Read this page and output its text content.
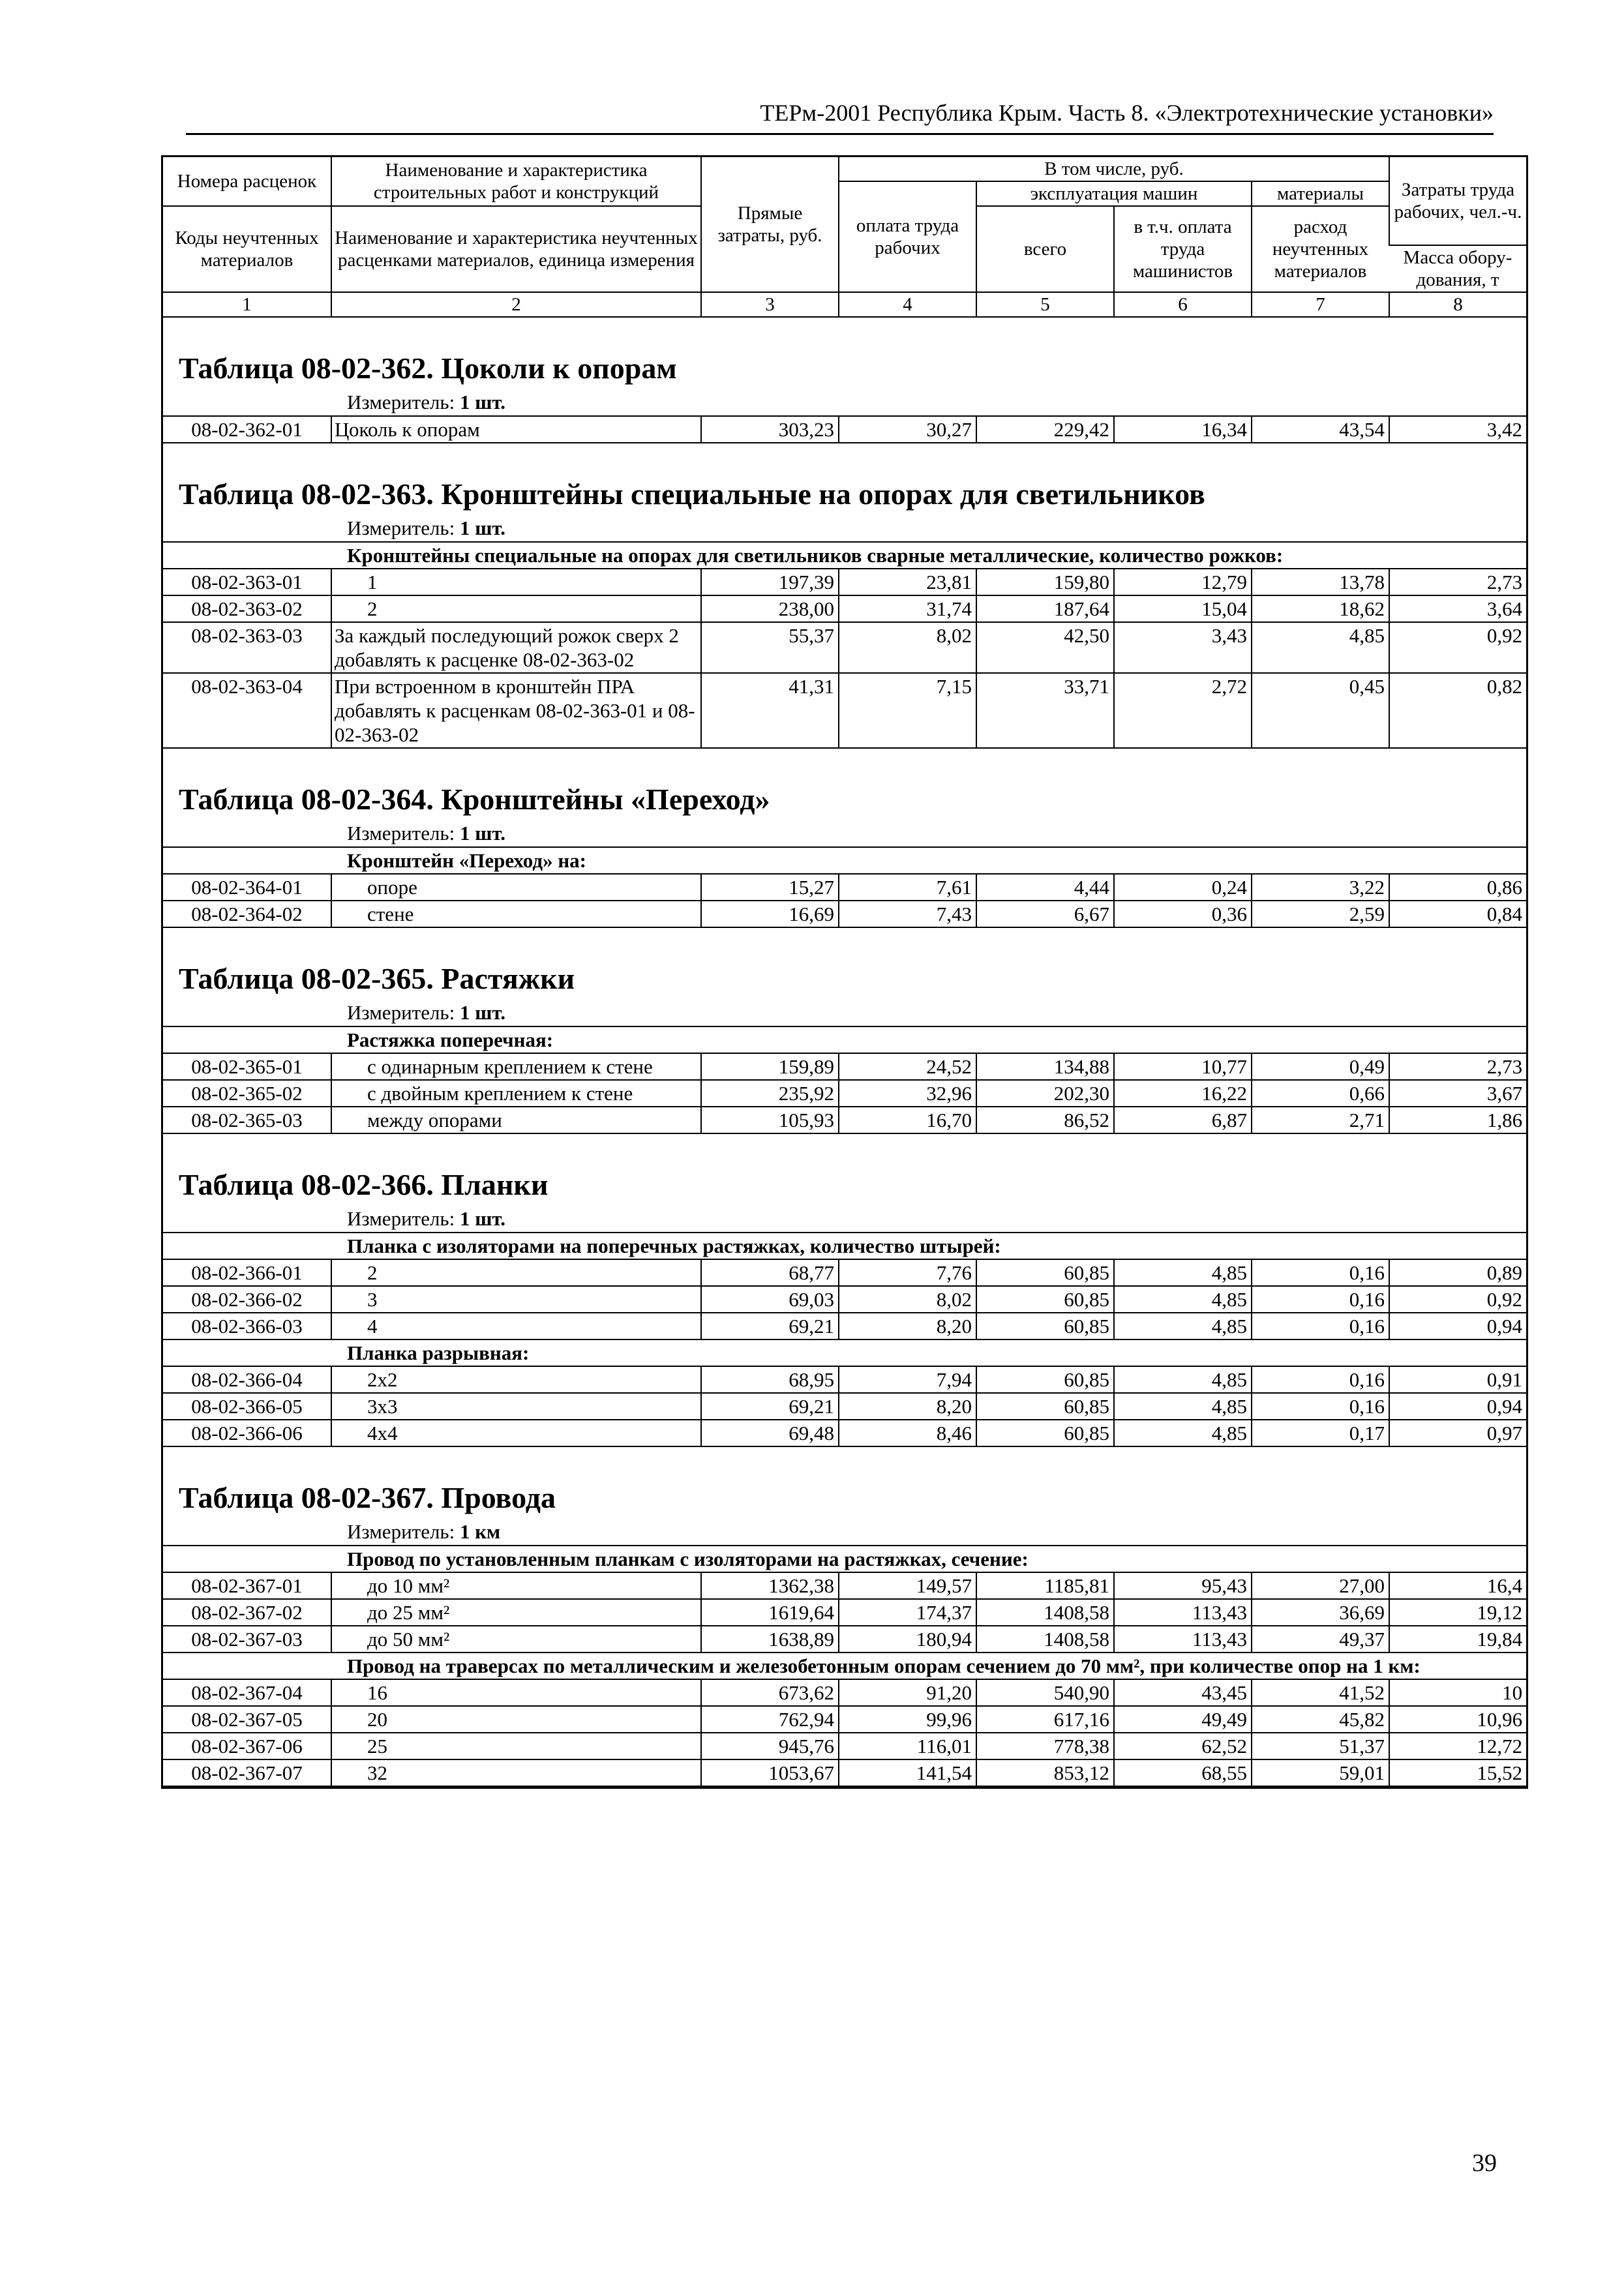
ТЕРм-2001 Республика Крым. Часть 8. «Электротехнические установки»
Номера расценок	Наименование и характеристика строительных работ и конструкций	Прямые затраты, руб.	В том числе, руб.				Затраты труда рабочих, чел.-ч.
			оплата труда рабочих	эксплуатация машин		материалы	
Коды неучтенных материалов	Наименование и характеристика неучтенных расценками материалов, единица измерения			всего	в т.ч. оплата труда машинистов	расход неучтенных материалов	
							Масса обору-дования, т
1	2	3	4	5	6	7	8
Таблица 08-02-362. Цоколи к опорам
Измеритель: 1 шт.
08-02-362-01	Цоколь к опорам	303,23	30,27	229,42	16,34	43,54	3,42
Таблица 08-02-363. Кронштейны специальные на опорах для светильников
Измеритель: 1 шт.
Кронштейны специальные на опорах для светильников сварные металлические, количество рожков:							
08-02-363-01	1	197,39	23,81	159,80	12,79	13,78	2,73
08-02-363-02	2	238,00	31,74	187,64	15,04	18,62	3,64
08-02-363-03	За каждый последующий рожок сверх 2 добавлять к расценке 08-02-363-02	55,37	8,02	42,50	3,43	4,85	0,92
08-02-363-04	При встроенном в кронштейн ПРА добавлять к расценкам 08-02-363-01 и 08-02-363-02	41,31	7,15	33,71	2,72	0,45	0,82
Таблица 08-02-364. Кронштейны «Переход»
Измеритель: 1 шт.
Кронштейн «Переход» на:							
08-02-364-01	опоре	15,27	7,61	4,44	0,24	3,22	0,86
08-02-364-02	стене	16,69	7,43	6,67	0,36	2,59	0,84
Таблица 08-02-365. Растяжки
Измеритель: 1 шт.
Растяжка поперечная:							
08-02-365-01	с одинарным креплением к стене	159,89	24,52	134,88	10,77	0,49	2,73
08-02-365-02	с двойным креплением к стене	235,92	32,96	202,30	16,22	0,66	3,67
08-02-365-03	между опорами	105,93	16,70	86,52	6,87	2,71	1,86
Таблица 08-02-366. Планки
Измеритель: 1 шт.
Планка с изоляторами на поперечных растяжках, количество штырей:							
08-02-366-01	2	68,77	7,76	60,85	4,85	0,16	0,89
08-02-366-02	3	69,03	8,02	60,85	4,85	0,16	0,92
08-02-366-03	4	69,21	8,20	60,85	4,85	0,16	0,94
Планка разрывная:							
08-02-366-04	2x2	68,95	7,94	60,85	4,85	0,16	0,91
08-02-366-05	3x3	69,21	8,20	60,85	4,85	0,16	0,94
08-02-366-06	4x4	69,48	8,46	60,85	4,85	0,17	0,97
Таблица 08-02-367. Провода
Измеритель: 1 км
Провод по установленным планкам с изоляторами на растяжках, сечение:							
08-02-367-01	до 10 мм²	1362,38	149,57	1185,81	95,43	27,00	16,4
08-02-367-02	до 25 мм²	1619,64	174,37	1408,58	113,43	36,69	19,12
08-02-367-03	до 50 мм²	1638,89	180,94	1408,58	113,43	49,37	19,84
Провод на траверсах по металлическим и железобетонным опорам сечением до 70 мм², при количестве опор на 1 км:							
08-02-367-04	16	673,62	91,20	540,90	43,45	41,52	10
08-02-367-05	20	762,94	99,96	617,16	49,49	45,82	10,96
08-02-367-06	25	945,76	116,01	778,38	62,52	51,37	12,72
08-02-367-07	32	1053,67	141,54	853,12	68,55	59,01	15,52
39
